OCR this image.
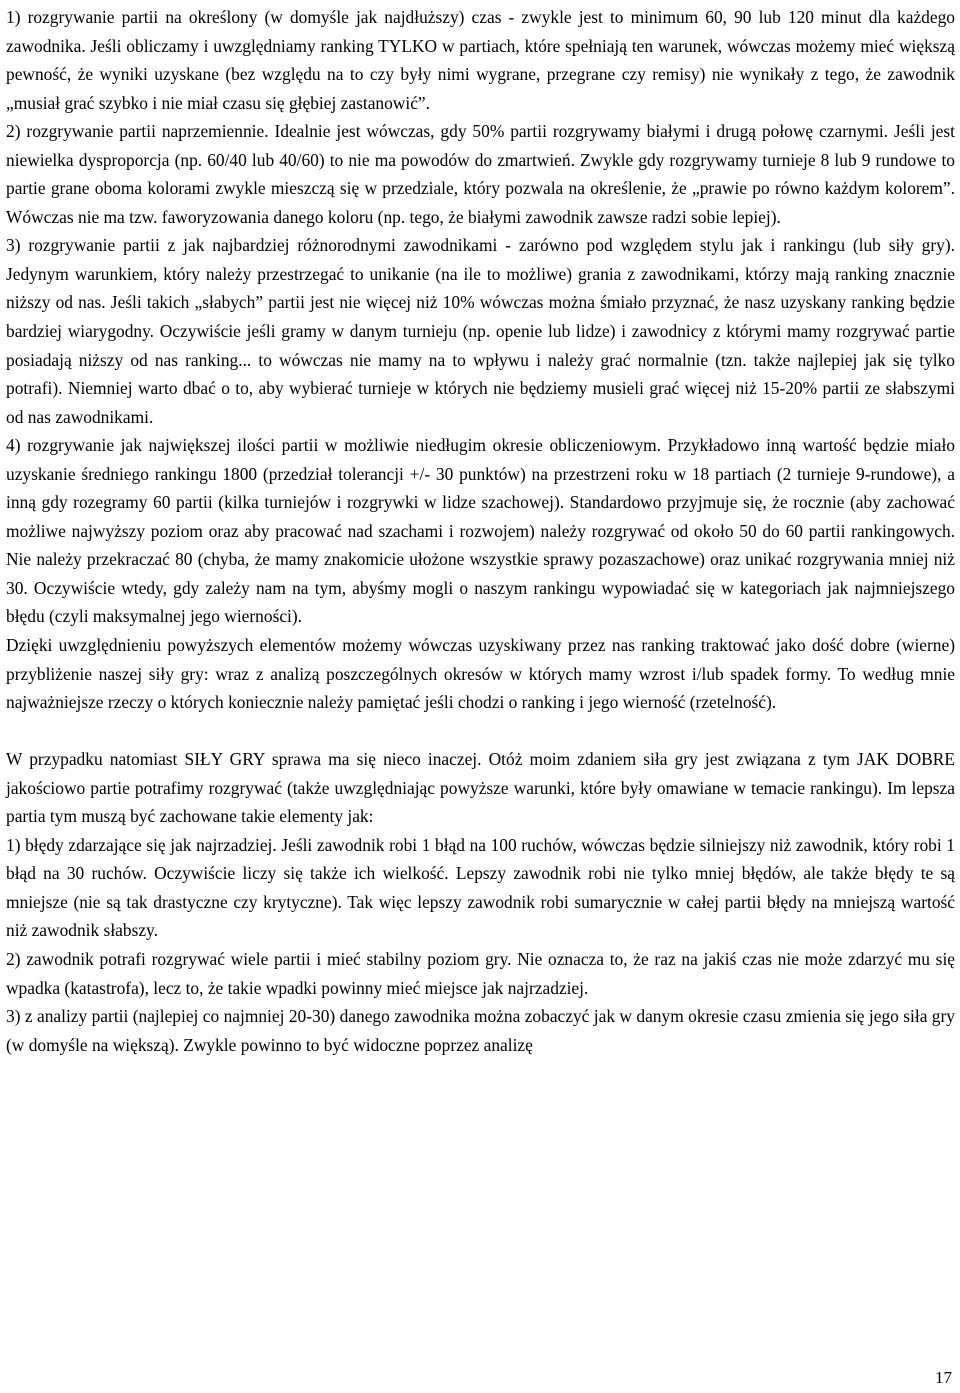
1) rozgrywanie partii na określony (w domyśle jak najdłuższy) czas - zwykle jest to minimum 60, 90 lub 120 minut dla każdego zawodnika. Jeśli obliczamy i uwzględniamy ranking TYLKO w partiach, które spełniają ten warunek, wówczas możemy mieć większą pewność, że wyniki uzyskane (bez względu na to czy były nimi wygrane, przegrane czy remisy) nie wynikały z tego, że zawodnik „musiał grać szybko i nie miał czasu się głębiej zastanowić”.

2) rozgrywanie partii naprzemiennie. Idealnie jest wówczas, gdy 50% partii rozgrywamy białymi i drugą połowę czarnymi. Jeśli jest niewielka dysproporcja (np. 60/40 lub 40/60) to nie ma powodów do zmartwień. Zwykle gdy rozgrywamy turnieje 8 lub 9 rundowe to partie grane oboma kolorami zwykle mieszczą się w przedziale, który pozwala na określenie, że „prawie po równo każdym kolorem”. Wówczas nie ma tzw. faworyzowania danego koloru (np. tego, że białymi zawodnik zawsze radzi sobie lepiej).

3) rozgrywanie partii z jak najbardziej różnorodnymi zawodnikami - zarówno pod względem stylu jak i rankingu (lub siły gry). Jedynym warunkiem, który należy przestrzegać to unikanie (na ile to możliwe) grania z zawodnikami, którzy mają ranking znacznie niższy od nas. Jeśli takich „słabych” partii jest nie więcej niż 10% wówczas można śmiało przyznać, że nasz uzyskany ranking będzie bardziej wiarygodny. Oczywiście jeśli gramy w danym turnieju (np. openie lub lidze) i zawodnicy z którymi mamy rozgrywać partie posiadają niższy od nas ranking... to wówczas nie mamy na to wpływu i należy grać normalnie (tzn. także najlepiej jak się tylko potrafi). Niemniej warto dbać o to, aby wybierać turnieje w których nie będziemy musieli grać więcej niż 15-20% partii ze słabszymi od nas zawodnikami.

4) rozgrywanie jak największej ilości partii w możliwie niedługim okresie obliczeniowym. Przykładowo inną wartość będzie miało uzyskanie średniego rankingu 1800 (przedział tolerancji +/- 30 punktów) na przestrzeni roku w 18 partiach (2 turnieje 9-rundowe), a inną gdy rozegramy 60 partii (kilka turniejów i rozgrywki w lidze szachowej). Standardowo przyjmuje się, że rocznie (aby zachować możliwe najwyższy poziom oraz aby pracować nad szachami i rozwojem) należy rozgrywać od około 50 do 60 partii rankingowych. Nie należy przekraczać 80 (chyba, że mamy znakomicie ułożone wszystkie sprawy pozaszachowe) oraz unikać rozgrywania mniej niż 30. Oczywiście wtedy, gdy zależy nam na tym, abyśmy mogli o naszym rankingu wypowiadać się w kategoriach jak najmniejszego błędu (czyli maksymalnej jego wierności).

Dzięki uwzględnieniu powyższych elementów możemy wówczas uzyskiwany przez nas ranking traktować jako dość dobre (wierne) przybliżenie naszej siły gry: wraz z analizą poszczególnych okresów w których mamy wzrost i/lub spadek formy. To według mnie najważniejsze rzeczy o których koniecznie należy pamiętać jeśli chodzi o ranking i jego wierność (rzetelność).

W przypadku natomiast SIŁY GRY sprawa ma się nieco inaczej. Otóż moim zdaniem siła gry jest związana z tym JAK DOBRE jakościowo partie potrafimy rozgrywać (także uwzględniając powyższe warunki, które były omawiane w temacie rankingu). Im lepsza partia tym muszą być zachowane takie elementy jak:

1) błędy zdarzające się jak najrzadziej. Jeśli zawodnik robi 1 błąd na 100 ruchów, wówczas będzie silniejszy niż zawodnik, który robi 1 błąd na 30 ruchów. Oczywiście liczy się także ich wielkość. Lepszy zawodnik robi nie tylko mniej błędów, ale także błędy te są mniejsze (nie są tak drastyczne czy krytyczne). Tak więc lepszy zawodnik robi sumarycznie w całej partii błędy na mniejszą wartość niż zawodnik słabszy.

2) zawodnik potrafi rozgrywać wiele partii i mieć stabilny poziom gry. Nie oznacza to, że raz na jakiś czas nie może zdarzyć mu się wpadka (katastrofa), lecz to, że takie wpadki powinny mieć miejsce jak najrzadziej.

3) z analizy partii (najlepiej co najmniej 20-30) danego zawodnika można zobaczyć jak w danym okresie czasu zmienia się jego siła gry (w domyśle na większą). Zwykle powinno to być widoczne poprzez analizę

17
